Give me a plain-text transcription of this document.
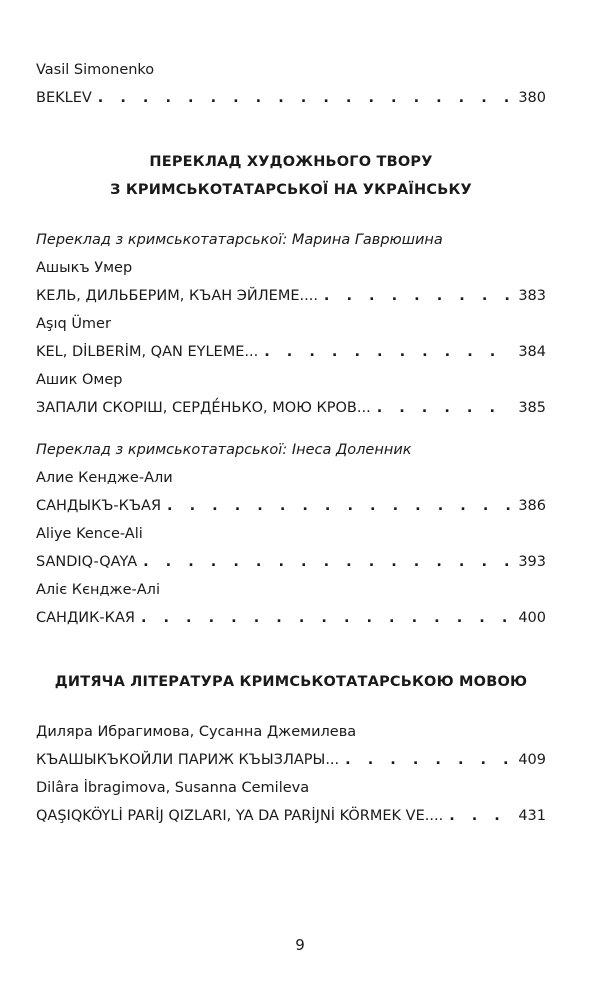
Vasil Simonenko
BEKLEV . . .	380
ПЕРЕКЛАД ХУДОЖНЬОГО ТВОРУ
З КРИМСЬКОТАТАРСЬКОЇ НА УКРАЇНСЬКУ
Переклад з кримськотатарської: Марина Гаврюшина
Ашыкъ Умер
КЕЛЬ, ДИЛЬБЕРИМ, КЪАН ЭЙЛЕМЕ.... . . .	383
Aşıq Ümer
KEL, DİLBERİM, QAN EYLEME... . . .	384
Ашик Омер
ЗАПАЛИ СКОРІШ, СЕРДЕ́НЬКО, МОЮ КРОВ... . . .	385
Переклад з кримськотатарської: Інеса Доленник
Алие Кендже-Али
САНДЫКЪ-КЪАЯ . . .	386
Aliye Kence-Ali
SANDIQ-QAYA . . .	393
Аліє Кєндже-Алі
САНДИК-КАЯ . . .	400
ДИТЯЧА ЛІТЕРАТУРА КРИМСЬКОТАТАРСЬКОЮ МОВОЮ
Диляра Ибрагимова, Сусанна Джемилева
КЪАШЫКЪКОЙЛИ ПАРИЖ КЪЫЗЛАРЫ... . . .	409
Dilâra İbragimova, Susanna Cemileva
QAŞIQKÖYLİ PARİJ QIZLARI, YA DA PARİJNİ KÖRMEK VE.... . . .	431
9
